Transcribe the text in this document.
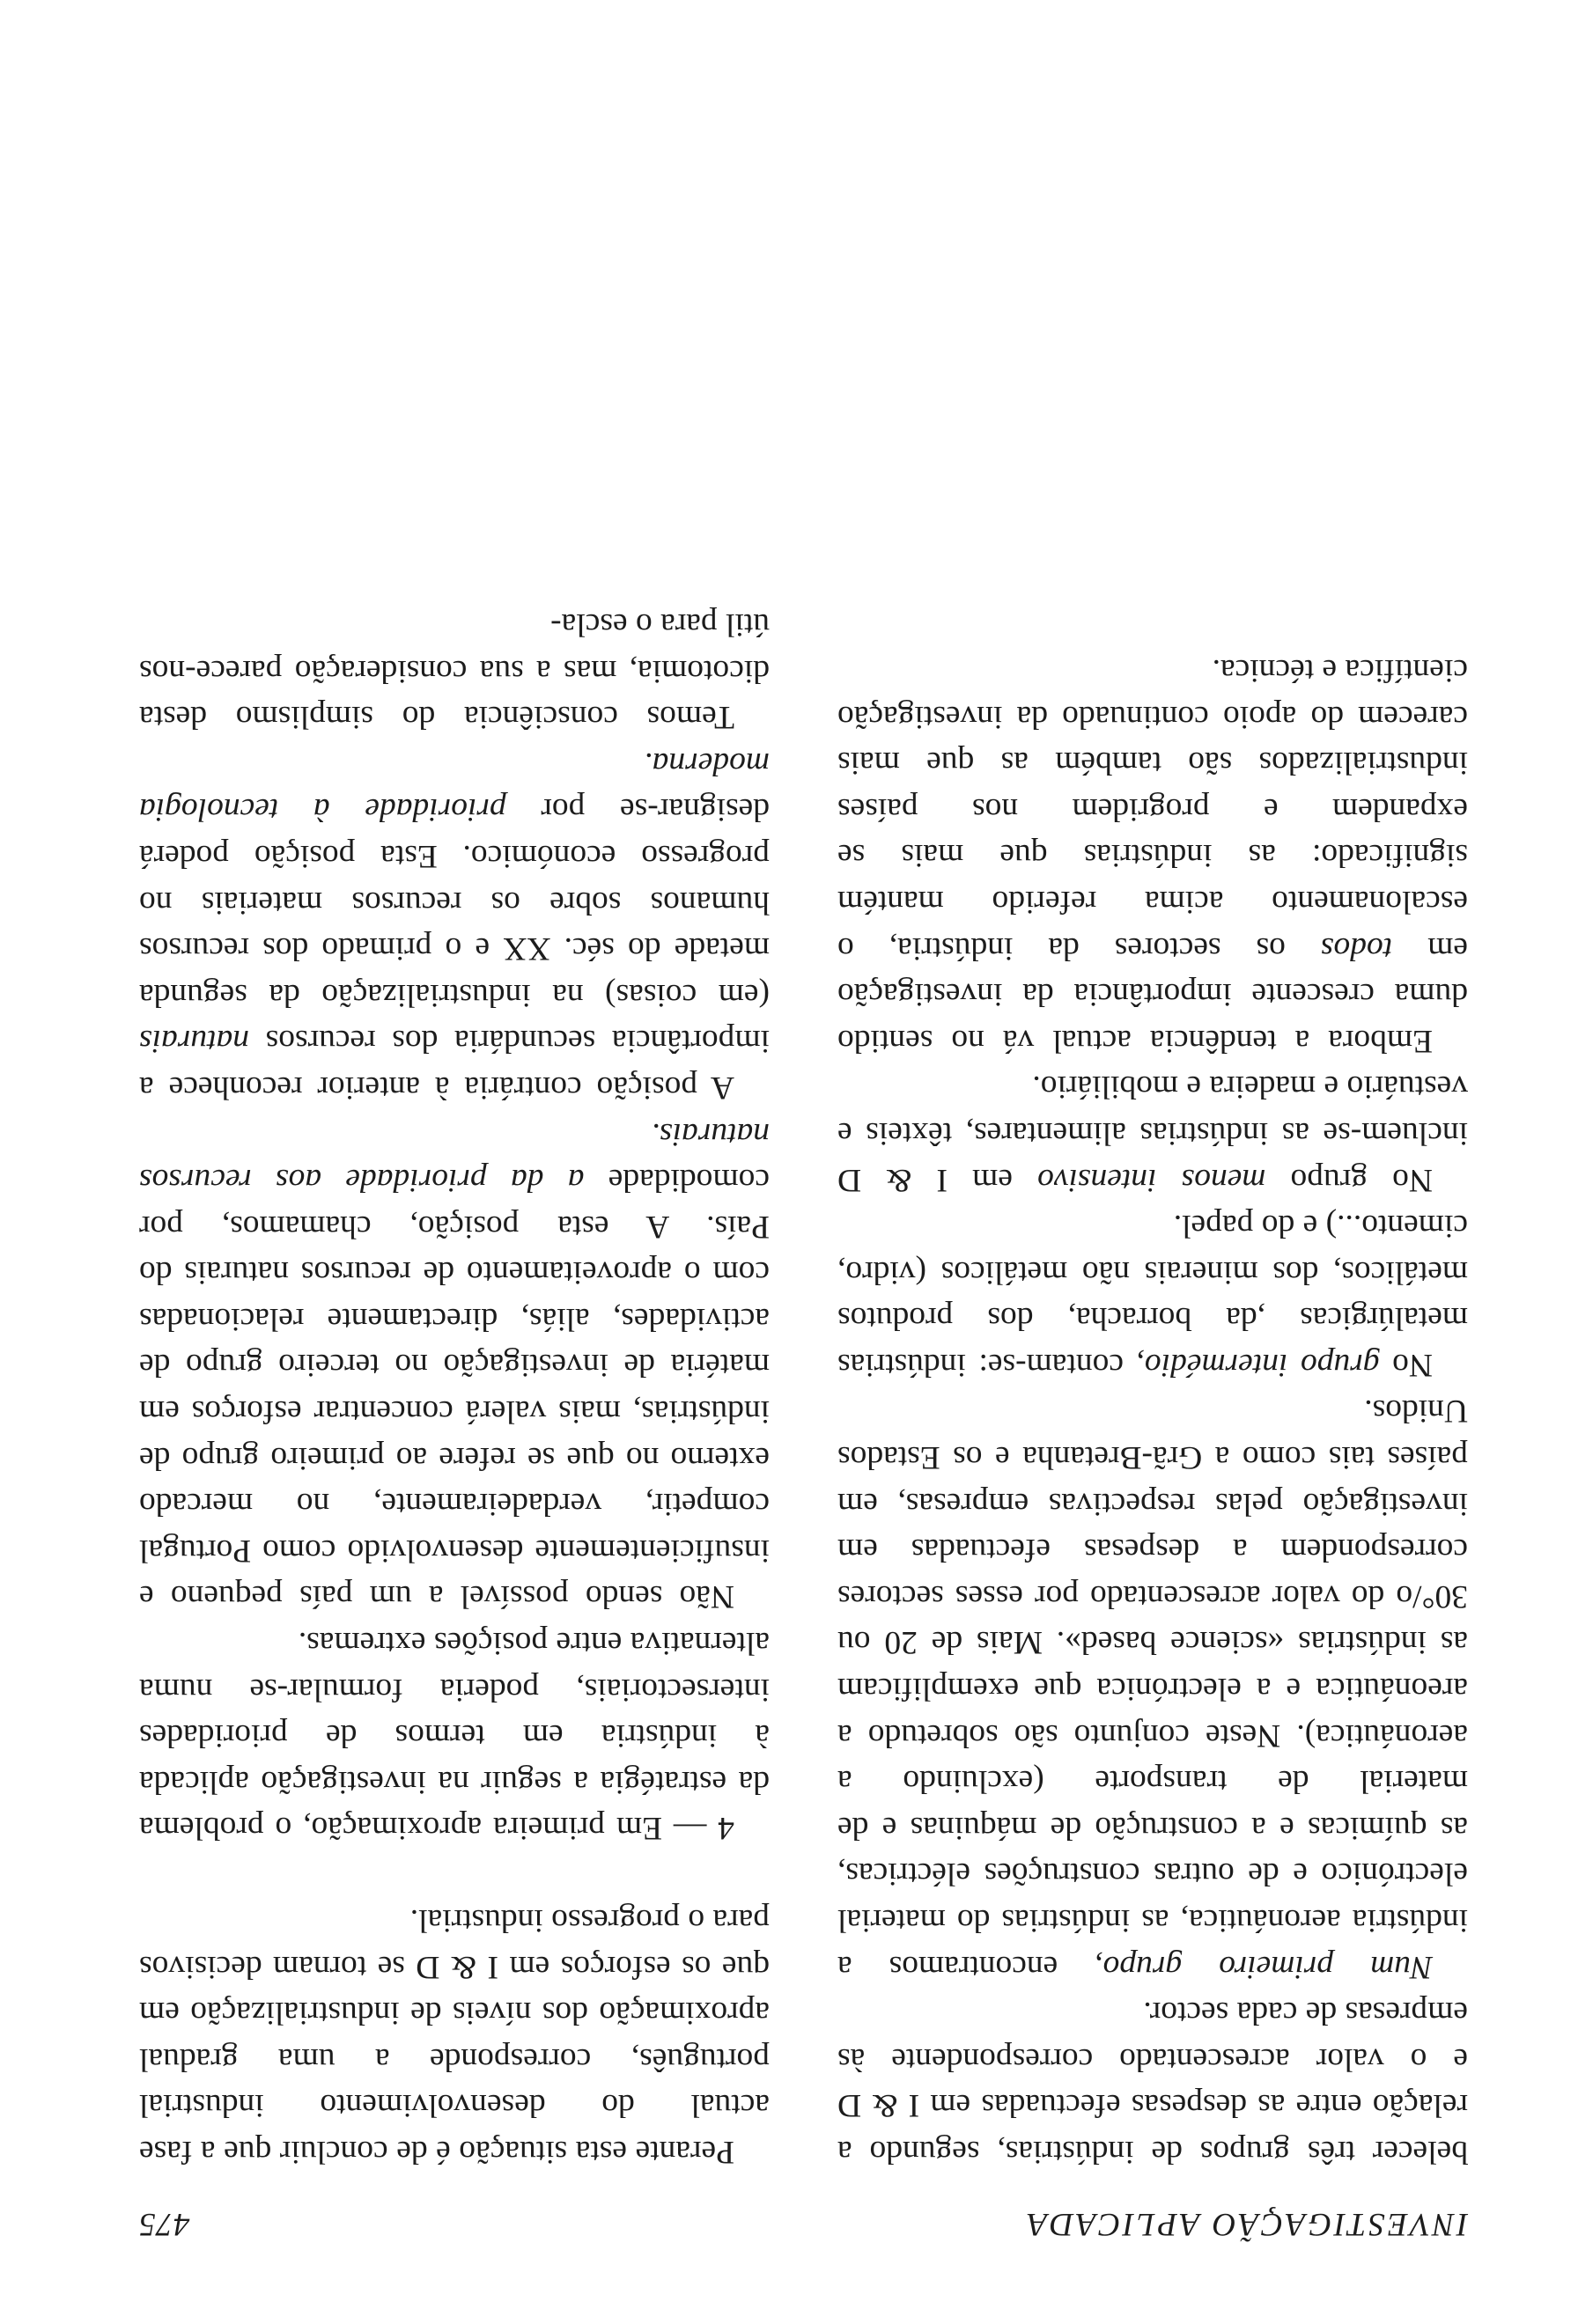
INVESTIGAÇÃO APLICADA
475

belecer três grupos de indústrias, segundo a relação entre as despesas efectuadas em I & D e o valor acrescentado correspondente às empresas de cada sector.

Num primeiro grupo, encontramos a indústria aeronáutica, as indústrias do material electrónico e de outras construções eléctricas, as químicas e a construção de máquinas e de material de transporte (excluindo a aeronáutica). Neste conjunto são sobretudo a areonáutica e a electrónica que exemplificam as indústrias «science based». Mais de 20 ou 30°/o do valor acrescentado por esses sectores correspondem a despesas efectuadas em investigação pelas respectivas empresas, em países tais como a Grã-Bretanha e os Estados Unidos.

No grupo intermédio, contam-se: indústrias metalúrgicas ,da borracha, dos produtos metálicos, dos minerais não metálicos (vidro, cimento...) e do papel.

No grupo menos intensivo em I & D incluem-se as indústrias alimentares, têxteis e vestuário e madeira e mobiliário.

Embora a tendência actual vá no sentido duma crescente importância da investigação em todos os sectores da indústria, o escalonamento acima referido mantém significado: as indústrias que mais se expandem e progridem nos países industrializados são também as que mais carecem do apoio continuado da investigação científica e técnica.

Perante esta situação é de concluir que a fase actual do desenvolvimento industrial português, corresponde a uma gradual aproximação dos níveis de industrialização em que os esforços em I & D se tornam decisivos para o progresso industrial.

4 — Em primeira aproximação, o problema da estratégia a seguir na investigação aplicada à indústria em termos de prioridades intersectoriais, poderia formular-se numa alternativa entre posições extremas.

Não sendo possível a um país pequeno e insuficientemente desenvolvido como Portugal competir, verdadeiramente, no mercado externo no que se refere ao primeiro grupo de indústrias, mais valerá concentrar esforços em matéria de investigação no terceiro grupo de actividades, aliás, directamente relacionadas com o aproveitamento de recursos naturais do País. A esta posição, chamamos, por comodidade a da prioridade aos recursos naturais.

A posição contrária à anterior reconhece a importância secundária dos recursos naturais (em coisas) na industrialização da segunda metade do séc. XX e o primado dos recursos humanos sobre os recursos materiais no progresso económico. Esta posição poderá designar-se por prioridade à tecnologia moderna.

Temos consciência do simplismo desta dicotomia, mas a sua consideração parece-nos útil para o escla-
